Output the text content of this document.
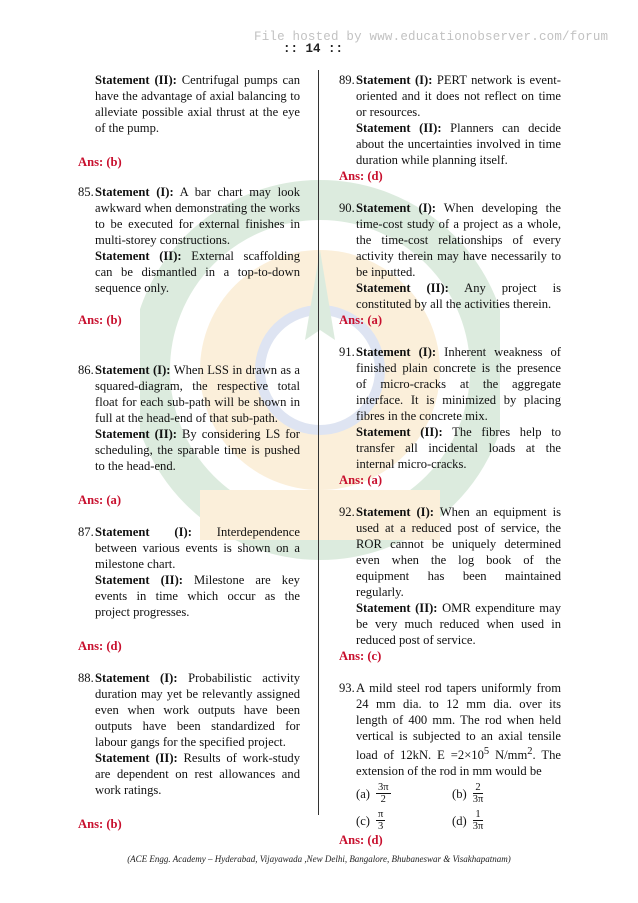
File hosted by www.educationobserver.com/forum
:: 14 ::

Statement (II): Centrifugal pumps can have the advantage of axial balancing to alleviate possible axial thrust at the eye of the pump.

Ans: (b)
85. Statement (I): A bar chart may look awkward when demonstrating the works to be executed for external finishes in multi-storey constructions.

Statement (II): External scaffolding can be dismantled in a top-to-down sequence only.

Ans: (b)
86. Statement (I): When LSS in drawn as a squared-diagram, the respective total float for each sub-path will be shown in full at the head-end of that sub-path.

Statement (II): By considering LS for scheduling, the sparable time is pushed to the head-end.

Ans: (a)
87. Statement (I): Interdependence between various events is shown on a milestone chart.

Statement (II): Milestone are key events in time which occur as the project progresses.

Ans: (d)
88. Statement (I): Probabilistic activity duration may yet be relevantly assigned even when work outputs have been outputs have been standardized for labour gangs for the specified project.

Statement (II): Results of work-study are dependent on rest allowances and work ratings.

Ans: (b)
89. Statement (I): PERT network is event-oriented and it does not reflect on time or resources.

Statement (II): Planners can decide about the uncertainties involved in time duration while planning itself.

Ans: (d)
90. Statement (I): When developing the time-cost study of a project as a whole, the time-cost relationships of every activity therein may have necessarily to be inputted.

Statement (II): Any project is constituted by all the activities therein.

Ans: (a)
91. Statement (I): Inherent weakness of finished plain concrete is the presence of micro-cracks at the aggregate interface. It is minimized by placing fibres in the concrete mix.

Statement (II): The fibres help to transfer all incidental loads at the internal micro-cracks.

Ans: (a)
92. Statement (I): When an equipment is used at a reduced post of service, the ROR cannot be uniquely determined even when the log book of the equipment has been maintained regularly.

Statement (II): OMR expenditure may be very much reduced when used in reduced post of service.

Ans: (c)
93. A mild steel rod tapers uniformly from 24 mm dia. to 12 mm dia. over its length of 400 mm. The rod when held vertical is subjected to an axial tensile load of 12kN. $E =2\times 10^5$ $N/mm^2$. The extension of the rod in mm would be

$(a) \frac{3\pi}{2}$	$(b) \frac{2}{3\pi}$
$(c) \frac{\pi}{3}$	$(d) \frac{1}{3\pi}$
Ans: (d)
(ACE Engg. Academy – Hyderabad, Vijayawada ,New Delhi, Bangalore, Bhubaneswar & Visakhapatnam)
